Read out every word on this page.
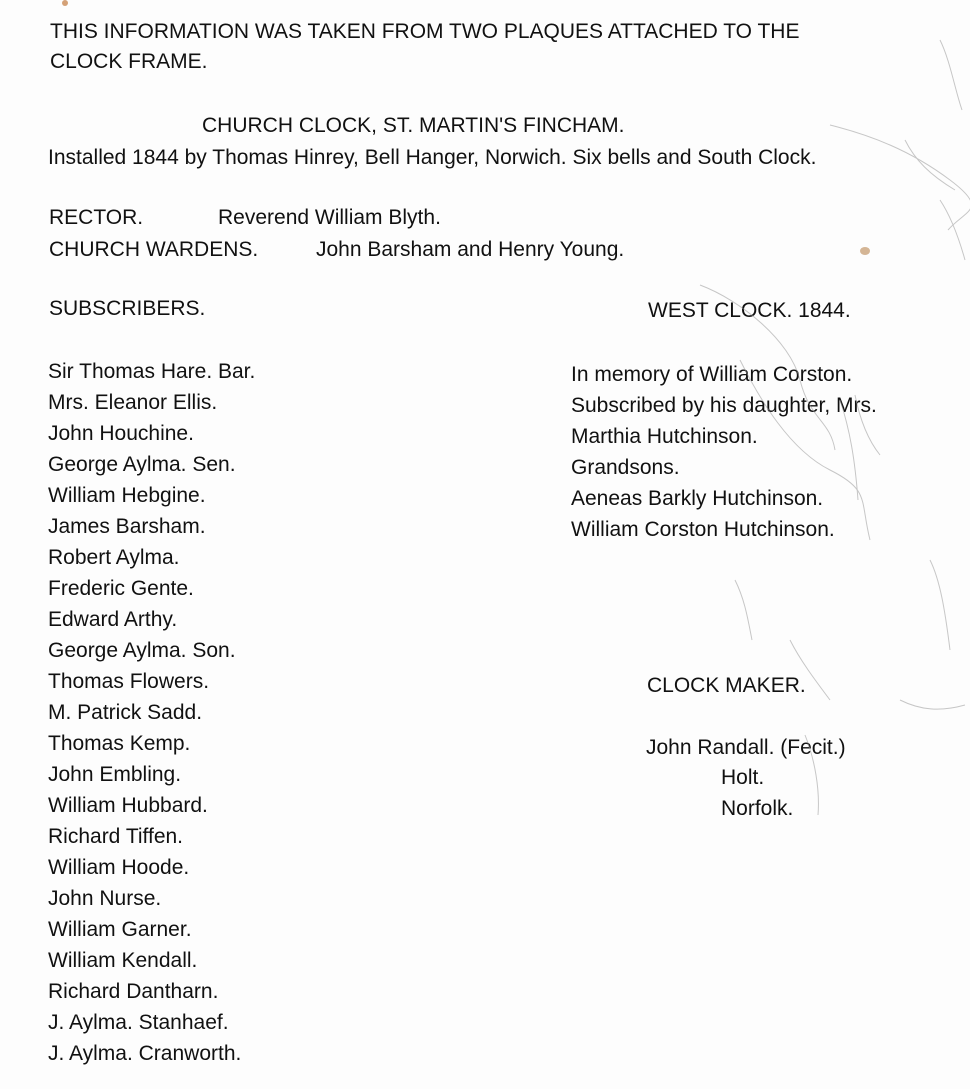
THIS INFORMATION WAS TAKEN FROM TWO PLAQUES ATTACHED TO THE
CLOCK FRAME.
CHURCH CLOCK, ST. MARTIN'S FINCHAM.
Installed 1844 by Thomas Hinrey, Bell Hanger, Norwich. Six bells and South Clock.
RECTOR.	Reverend William Blyth.
CHURCH WARDENS.	John Barsham and Henry Young.
SUBSCRIBERS.
Sir Thomas Hare. Bar.
Mrs. Eleanor Ellis.
John Houchine.
George Aylma. Sen.
William Hebgine.
James Barsham.
Robert Aylma.
Frederic Gente.
Edward Arthy.
George Aylma. Son.
Thomas Flowers.
M. Patrick Sadd.
Thomas Kemp.
John Embling.
William Hubbard.
Richard Tiffen.
William Hoode.
John Nurse.
William Garner.
William Kendall.
Richard Dantharn.
J. Aylma. Stanhaef.
J. Aylma. Cranworth.
WEST CLOCK. 1844.
In memory of William Corston.
Subscribed by his daughter, Mrs.
Marthia Hutchinson.
Grandsons.
Aeneas Barkly Hutchinson.
William Corston Hutchinson.
CLOCK MAKER.
John Randall. (Fecit.)
Holt.
Norfolk.
